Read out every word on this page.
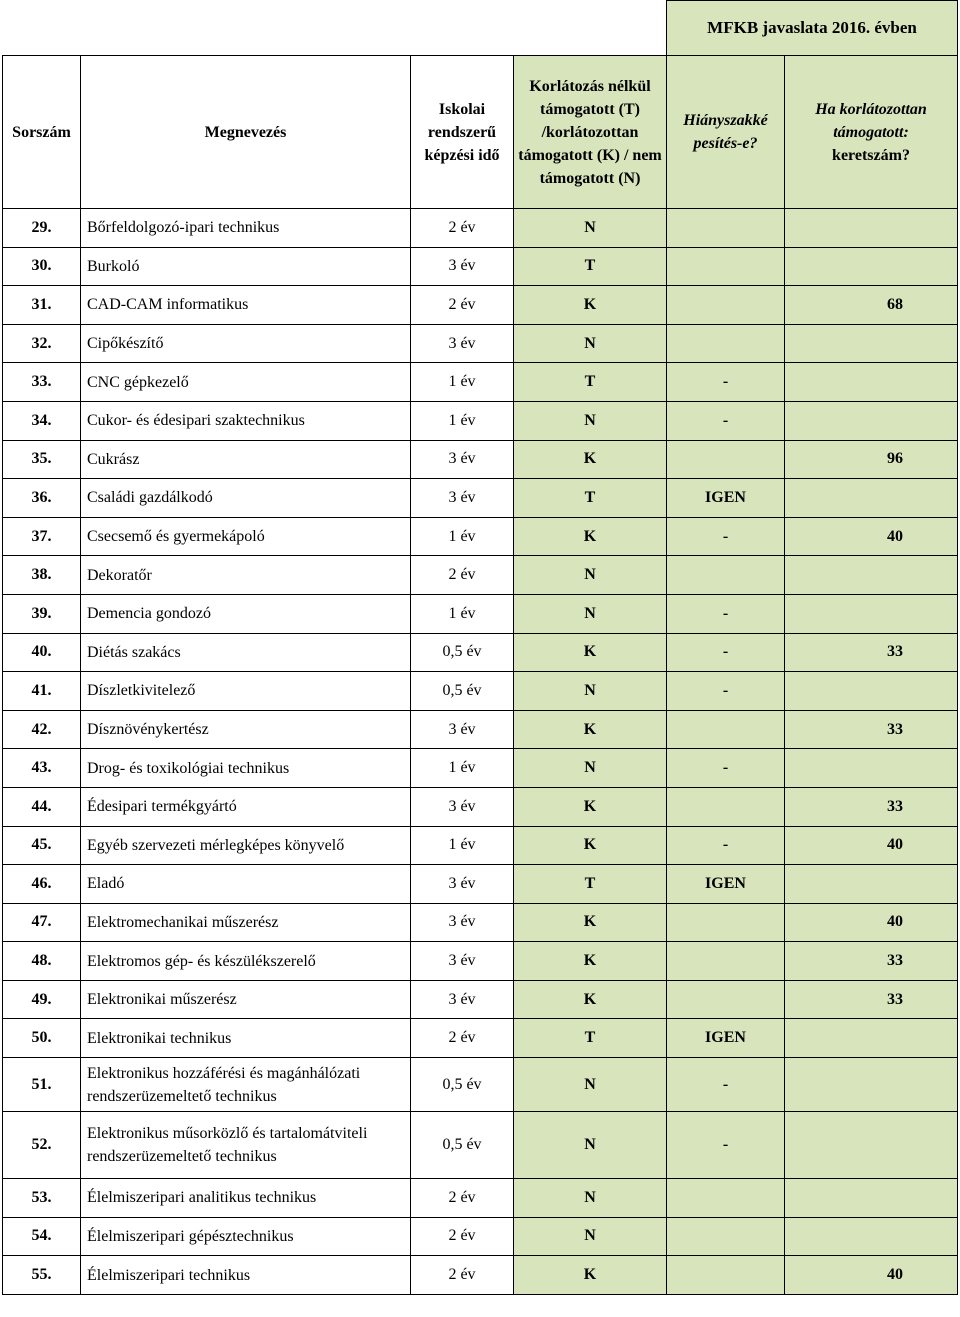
				MFKB javaslata 2016. évben	
Sorszám	Megnevezés	Iskolai rendszerű képzési idő	Korlátozás nélkül támogatott (T) /korlátozottan támogatott (K) / nem támogatott (N)	Hiányszakképesítés-e?	Ha korlátozottan
támogatott:
keretszám?
29.	Bőrfeldolgozó-ipari technikus	2 év	N		
30.	Burkoló	3 év	T		
31.	CAD-CAM informatikus	2 év	K		68
32.	Cipőkészítő	3 év	N		
33.	CNC gépkezelő	1 év	T	-	
34.	Cukor- és édesipari szaktechnikus	1 év	N	-	
35.	Cukrász	3 év	K		96
36.	Családi gazdálkodó	3 év	T	IGEN	
37.	Csecsemő és gyermekápoló	1 év	K	-	40
38.	Dekoratőr	2 év	N		
39.	Demencia gondozó	1 év	N	-	
40.	Diétás szakács	0,5 év	K	-	33
41.	Díszletkivitelező	0,5 év	N	-	
42.	Dísznövénykertész	3 év	K		33
43.	Drog- és toxikológiai technikus	1 év	N	-	
44.	Édesipari termékgyártó	3 év	K		33
45.	Egyéb szervezeti mérlegképes könyvelő	1 év	K	-	40
46.	Eladó	3 év	T	IGEN	
47.	Elektromechanikai műszerész	3 év	K		40
48.	Elektromos gép- és készülékszerelő	3 év	K		33
49.	Elektronikai műszerész	3 év	K		33
50.	Elektronikai technikus	2 év	T	IGEN	
51.	Elektronikus hozzáférési és magánhálózati rendszerüzemeltető technikus	0,5 év	N	-	
52.	Elektronikus műsorközlő és tartalomátviteli rendszerüzemeltető technikus	0,5 év	N	-	
53.	Élelmiszeripari analitikus technikus	2 év	N		
54.	Élelmiszeripari gépésztechnikus	2 év	N		
55.	Élelmiszeripari technikus	2 év	K		40
